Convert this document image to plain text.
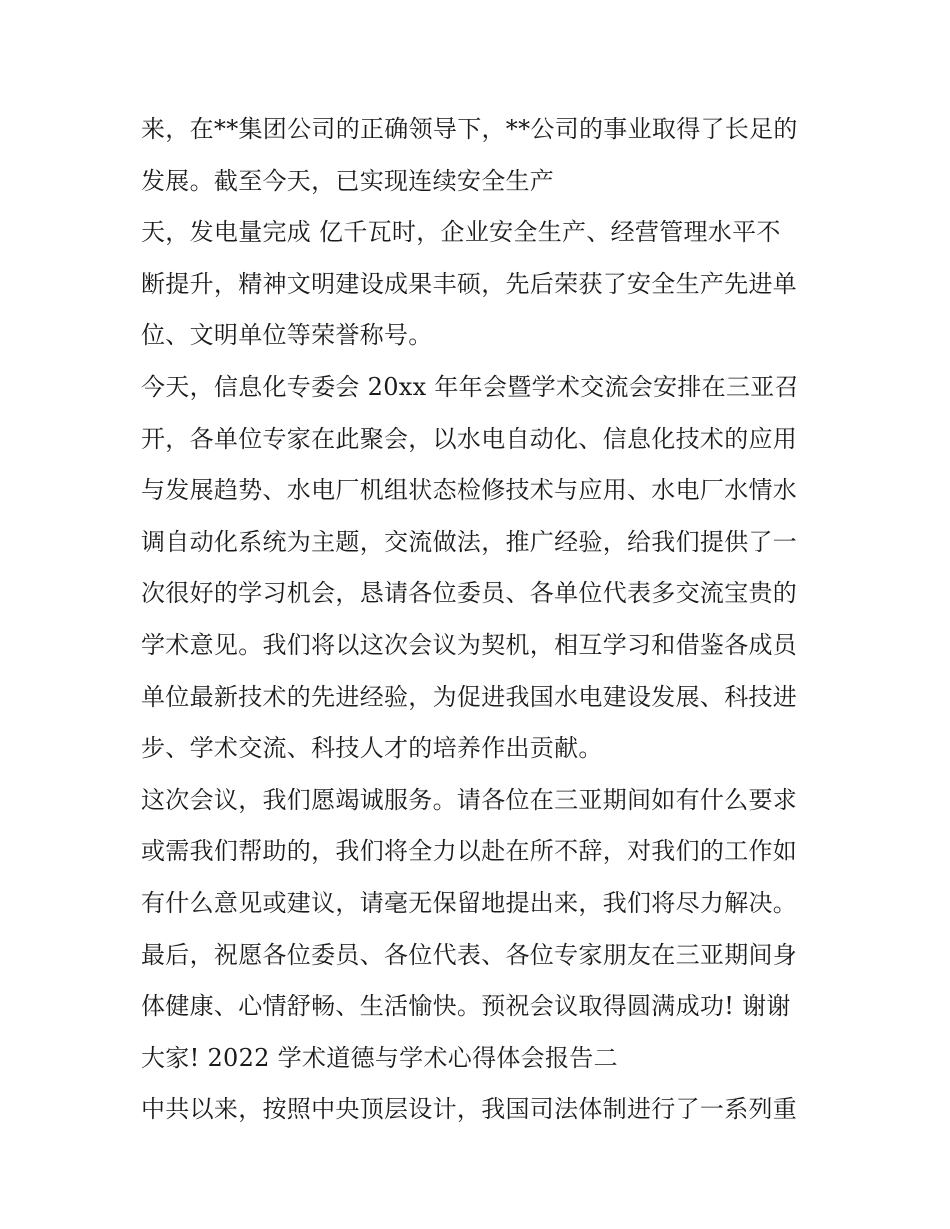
来，在**集团公司的正确领导下，**公司的事业取得了长足的
发展。截至今天，已实现连续安全生产
天，发电量完成 亿千瓦时，企业安全生产、经营管理水平不
断提升，精神文明建设成果丰硕，先后荣获了安全生产先进单
位、文明单位等荣誉称号。
今天，信息化专委会 20xx 年年会暨学术交流会安排在三亚召
开，各单位专家在此聚会，以水电自动化、信息化技术的应用
与发展趋势、水电厂机组状态检修技术与应用、水电厂水情水
调自动化系统为主题，交流做法，推广经验，给我们提供了一
次很好的学习机会，恳请各位委员、各单位代表多交流宝贵的
学术意见。我们将以这次会议为契机，相互学习和借鉴各成员
单位最新技术的先进经验，为促进我国水电建设发展、科技进
步、学术交流、科技人才的培养作出贡献。
这次会议，我们愿竭诚服务。请各位在三亚期间如有什么要求
或需我们帮助的，我们将全力以赴在所不辞，对我们的工作如
有什么意见或建议，请毫无保留地提出来，我们将尽力解决。
最后，祝愿各位委员、各位代表、各位专家朋友在三亚期间身
体健康、心情舒畅、生活愉快。预祝会议取得圆满成功! 谢谢
大家! 2022 学术道德与学术心得体会报告二
中共以来，按照中央顶层设计，我国司法体制进行了一系列重
